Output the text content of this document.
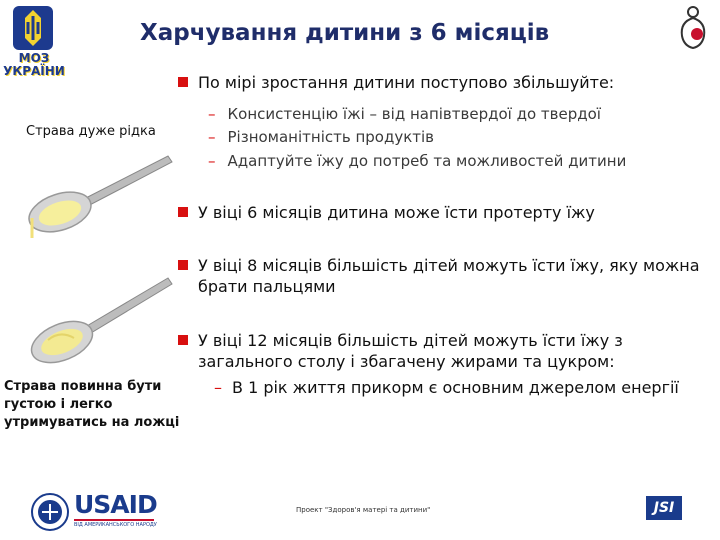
МОЗ
УКРАЇНИ
Харчування дитини з 6 місяців
По мірі зростання дитини поступово збільшуйте:
– Консистенцію їжі – від напівтвердої до твердої
– Різноманітність продуктів
– Адаптуйте їжу до потреб та можливостей дитини
Страва дуже рідка
У віці 6 місяців дитина може їсти протерту їжу
У віці 8 місяців більшість дітей можуть їсти їжу, яку можна брати пальцями
У віці 12 місяців більшість дітей можуть їсти їжу з загального столу і збагачену жирами та цукром:
– В 1 рік життя прикорм є основним джерелом енергії
Страва повинна бути густою і легко утримуватись на ложці
USAID
ВІД АМЕРИКАНСЬКОГО НАРОДУ
Проект "Здоров'я матері та дитини"	JSI
